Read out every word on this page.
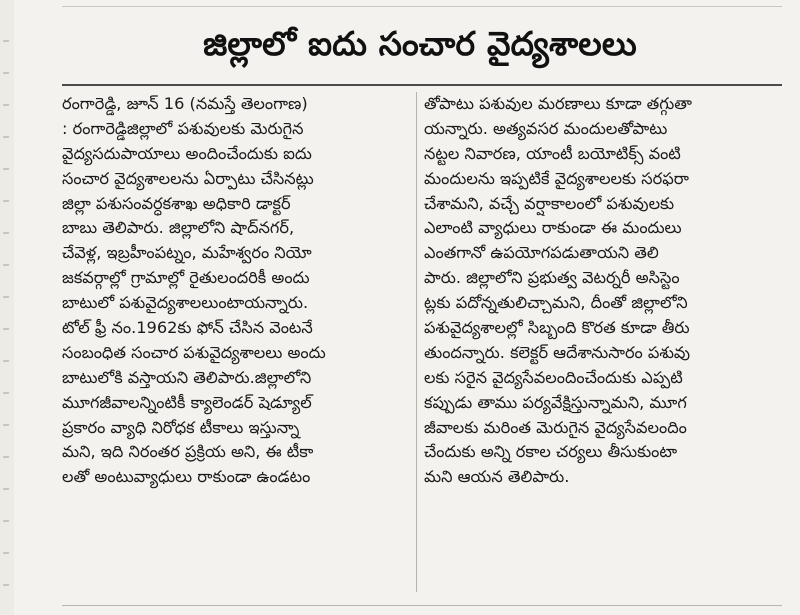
జిల్లాలో ఐదు సంచార వైద్యశాలలు
రంగారెడ్డి, జూన్ 16 (నమస్తే తెలంగాణ)
: రంగారెడ్డిజిల్లాలో పశువులకు మెరుగైన
వైద్యసదుపాయాలు అందించేందుకు ఐదు
సంచార వైద్యశాలలను ఏర్పాటు చేసినట్లు
జిల్లా పశుసంవర్ధకశాఖ అధికారి డాక్టర్
బాబు తెలిపారు. జిల్లాలోని షాద్‌నగర్,
చేవెళ్ల, ఇబ్రహీంపట్నం, మహేశ్వరం నియో
జకవర్గాల్లో గ్రామాల్లో రైతులందరికీ అందు
బాటులో పశువైద్యశాలలుంటాయన్నారు.
టోల్ ఫ్రీ నం.1962కు ఫోన్ చేసిన వెంటనే
సంబంధిత సంచార పశువైద్యశాలలు అందు
బాటులోకి వస్తాయని తెలిపారు.జిల్లాలోని
మూగజీవాలన్నింటికీ క్యాలెండర్ షెడ్యూల్
ప్రకారం వ్యాధి నిరోధక టీకాలు ఇస్తున్నా
మని, ఇది నిరంతర ప్రక్రియ అని, ఈ టీకా
లతో అంటువ్యాధులు రాకుండా ఉండటం
తోపాటు పశువుల మరణాలు కూడా తగ్గుతా
యన్నారు. అత్యవసర మందులతోపాటు
నట్టల నివారణ, యాంటీ బయోటిక్స్ వంటి
మందులను ఇప్పటికే వైద్యశాలలకు సరఫరా
చేశామని, వచ్చే వర్షాకాలంలో పశువులకు
ఎలాంటి వ్యాధులు రాకుండా ఈ మందులు
ఎంతగానో ఉపయోగపడుతాయని తెలి
పారు. జిల్లాలోని ప్రభుత్వ వెటర్నరీ అసిస్టెం
ట్లకు పదోన్నతులిచ్చామని, దీంతో జిల్లాలోని
పశువైద్యశాలల్లో సిబ్బంది కొరత కూడా తీరు
తుందన్నారు. కలెక్టర్ ఆదేశానుసారం పశువు
లకు సరైన వైద్యసేవలందించేందుకు ఎప్పటి
కప్పుడు తాము పర్యవేక్షిస్తున్నామని, మూగ
జీవాలకు మరింత మెరుగైన వైద్యసేవలందిం
చేందుకు అన్ని రకాల చర్యలు తీసుకుంటా
మని ఆయన తెలిపారు.
